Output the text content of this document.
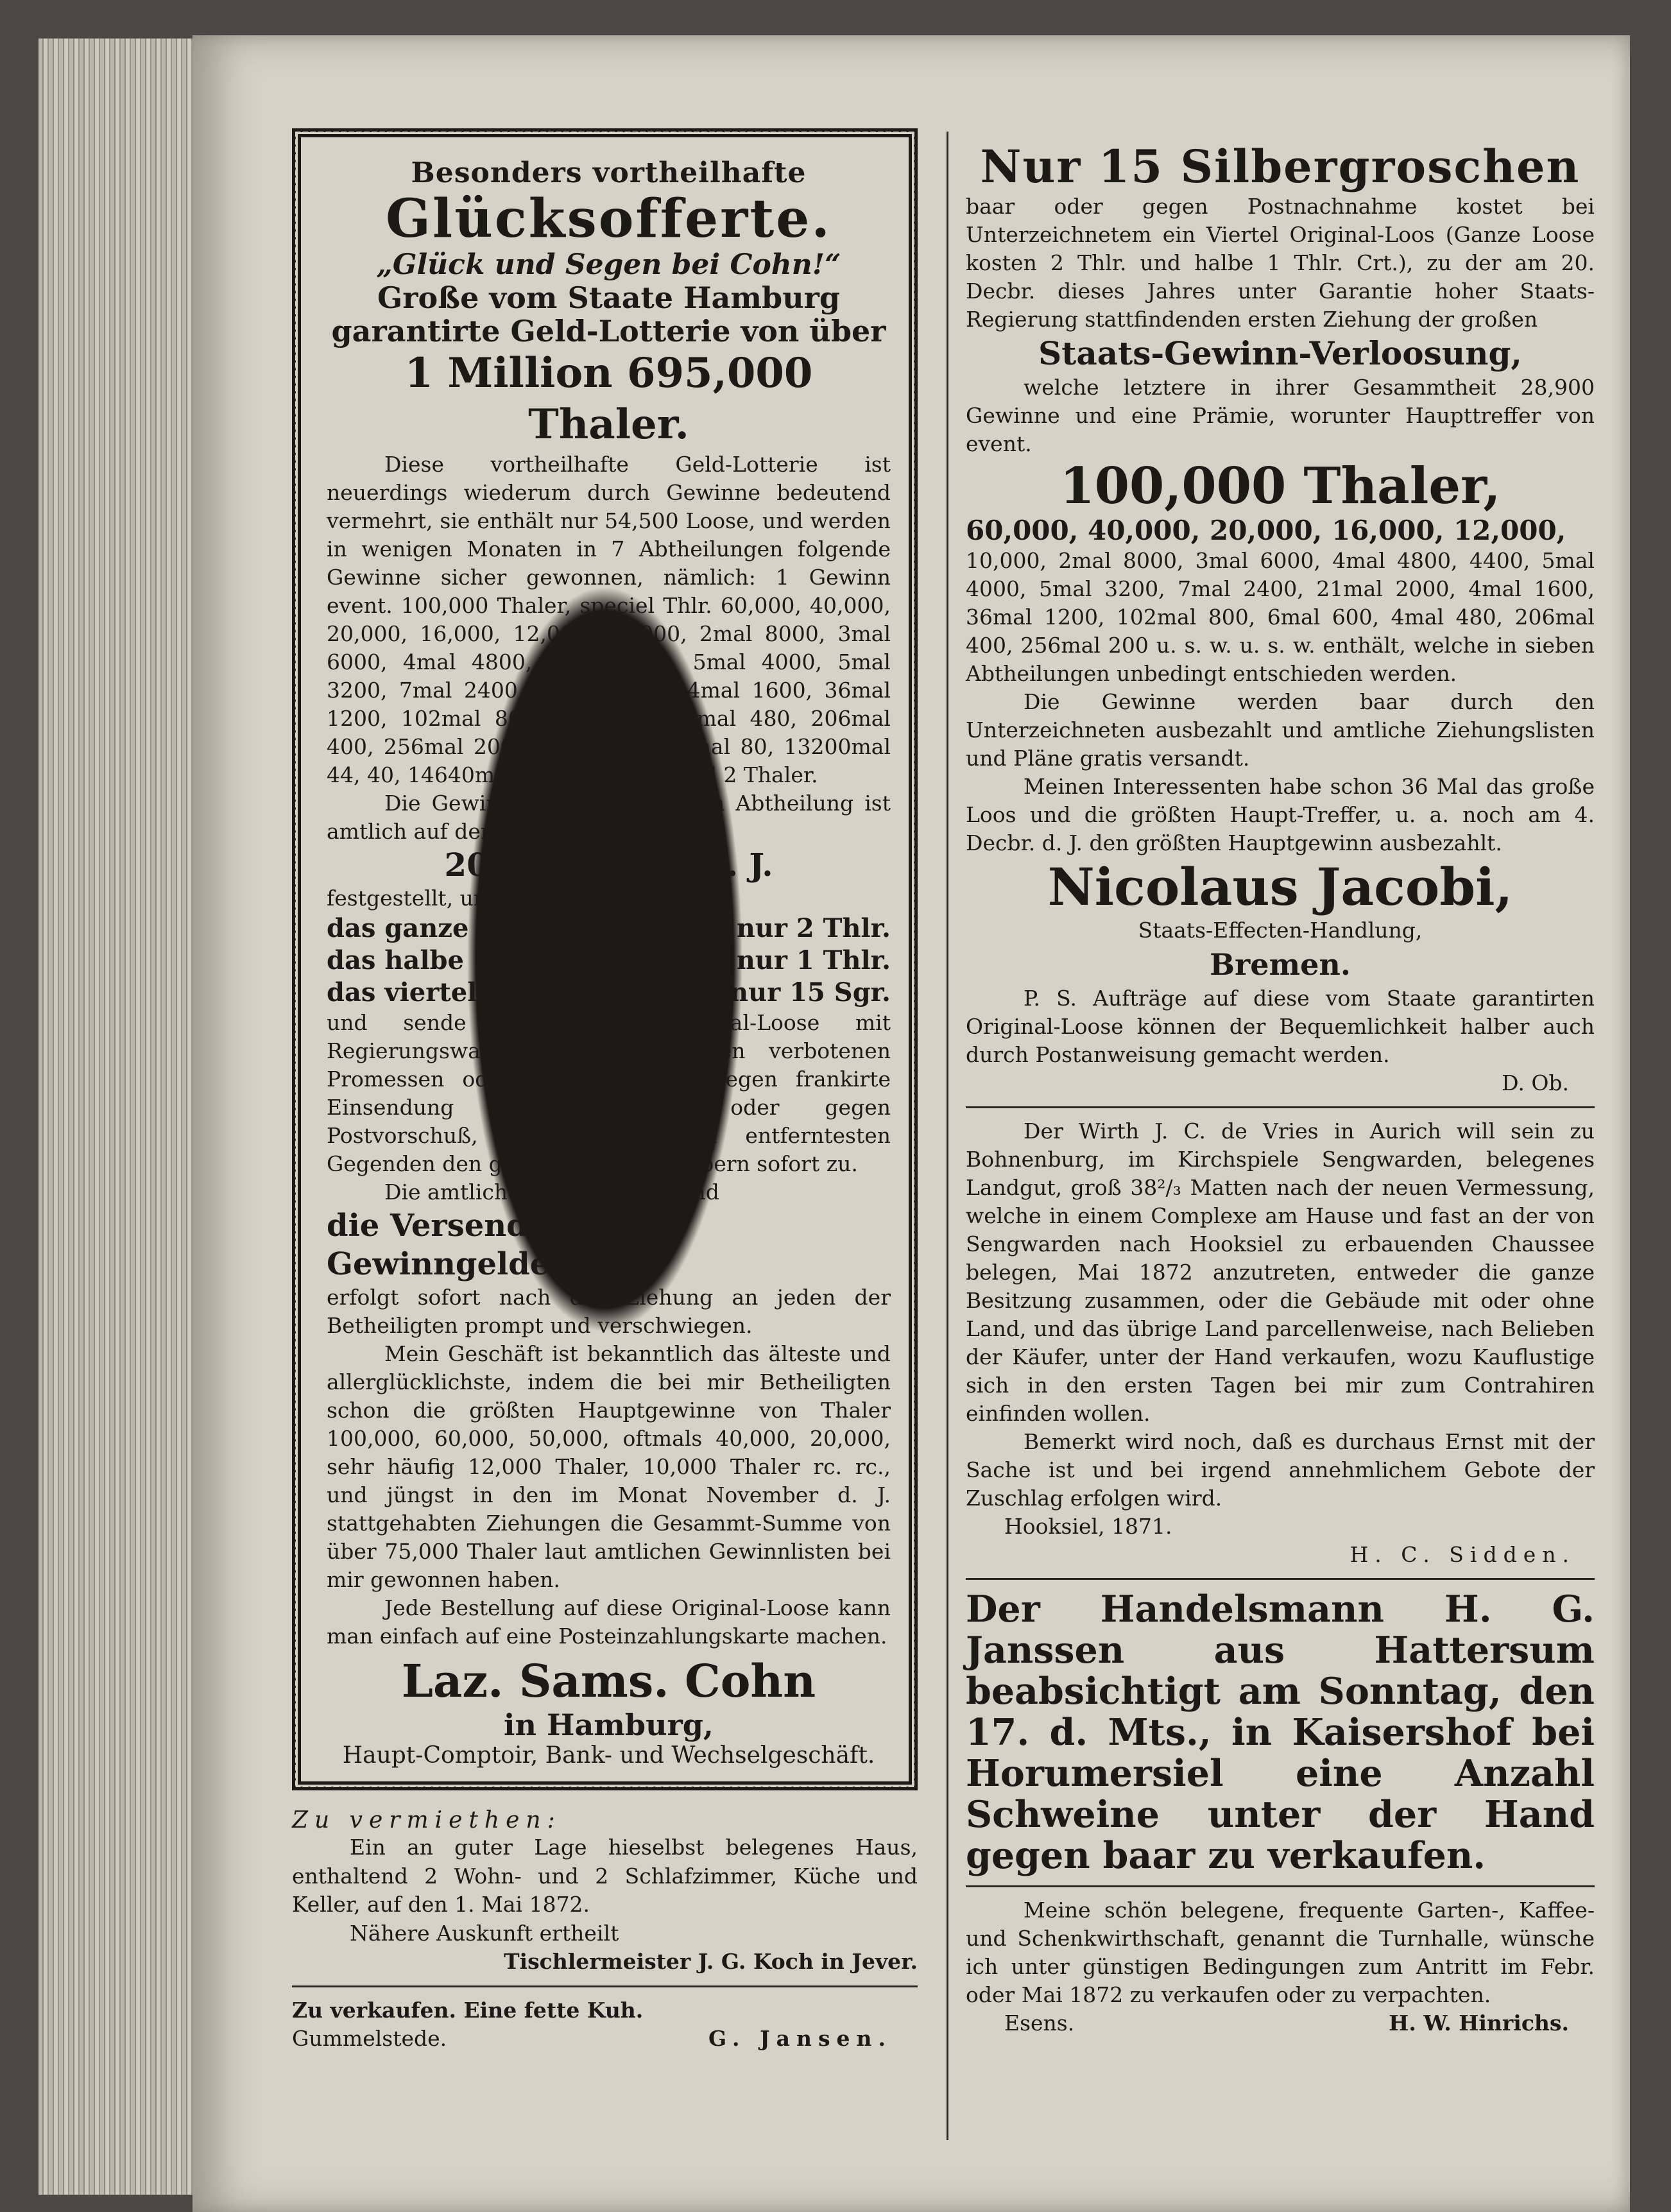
Besonders vortheilhafte

Glücksofferte.

„Glück und Segen bei Cohn!“

Große vom Staate Hamburg garantirte Geld-Lotterie von über

1 Million 695,000 Thaler.

Diese vortheilhafte Geld-Lotterie ist neuerdings wiederum durch Gewinne bedeutend vermehrt, sie enthält nur 54,500 Loose, und werden in wenigen Monaten in 7 Abtheilungen folgende Gewinne sicher gewonnen, nämlich: 1 Gewinn event. 100,000 Thaler, speciel Thlr. 60,000, 40,000, 20,000, 16,000, 12,000, 10,000, 2mal 8000, 3mal 6000, 4mal 4800, 1mal 4400, 5mal 4000, 5mal 3200, 7mal 2400, 21mal 2000, 4mal 1600, 36mal 1200, 102mal 800, 6mal 600, 4mal 480, 206mal 400, 256mal 200, 6mal 120, 375mal 80, 13200mal 44, 40, 14640mal 20, 12, 8, 6, 4 und 2 Thaler.

Die Gewinnziehung der ersten Abtheilung ist amtlich auf den

20. December d. J.

festgestellt, und kostet hierzu

das ganze Original-Loos nur 2 Thlr.
das halbe	do.	nur 1 Thlr.
das viertel	do.	nur 15 Sgr.

und sende ich diese Original-Loose mit Regierungswappen (nicht von den verbotenen Promessen oder Privatlotterien) gegen frankirte Einsendung des Betrages, oder gegen Postvorschuß, selbst nach den entferntesten Gegenden den geehrten Auftraggebern sofort zu.

Die amtliche Ziehungsliste und

die Versendung der Gewinngelder

erfolgt sofort nach der Ziehung an jeden der Betheiligten prompt und verschwiegen.

Mein Geschäft ist bekanntlich das älteste und allerglücklichste, indem die bei mir Betheiligten schon die größten Hauptgewinne von Thaler 100,000, 60,000, 50,000, oftmals 40,000, 20,000, sehr häufig 12,000 Thaler, 10,000 Thaler rc. rc., und jüngst in den im Monat November d. J. stattgehabten Ziehungen die Gesammt-Summe von über 75,000 Thaler laut amtlichen Gewinnlisten bei mir gewonnen haben.

Jede Bestellung auf diese Original-Loose kann man einfach auf eine Posteinzahlungskarte machen.

Laz. Sams. Cohn

in Hamburg,

Haupt-Comptoir, Bank- und Wechselgeschäft.

Zu vermiethen:

Ein an guter Lage hieselbst belegenes Haus, enthaltend 2 Wohn- und 2 Schlafzimmer, Küche und Keller, auf den 1. Mai 1872.

Nähere Auskunft ertheilt

Tischlermeister J. G. Koch in Jever.

Zu verkaufen. Eine fette Kuh.

Gummelstede.	G. Jansen.

Nur 15 Silbergroschen

baar oder gegen Postnachnahme kostet bei Unterzeichnetem ein Viertel Original-Loos (Ganze Loose kosten 2 Thlr. und halbe 1 Thlr. Crt.), zu der am 20. Decbr. dieses Jahres unter Garantie hoher Staats-Regierung stattfindenden ersten Ziehung der großen

Staats-Gewinn-Verloosung,

welche letztere in ihrer Gesammtheit 28,900 Gewinne und eine Prämie, worunter Haupttreffer von event.

100,000 Thaler,

60,000, 40,000, 20,000, 16,000, 12,000,

10,000, 2mal 8000, 3mal 6000, 4mal 4800, 4400, 5mal 4000, 5mal 3200, 7mal 2400, 21mal 2000, 4mal 1600, 36mal 1200, 102mal 800, 6mal 600, 4mal 480, 206mal 400, 256mal 200 u. s. w. u. s. w. enthält, welche in sieben Abtheilungen unbedingt entschieden werden.

Die Gewinne werden baar durch den Unterzeichneten ausbezahlt und amtliche Ziehungslisten und Pläne gratis versandt.

Meinen Interessenten habe schon 36 Mal das große Loos und die größten Haupt-Treffer, u. a. noch am 4. Decbr. d. J. den größten Hauptgewinn ausbezahlt.

Nicolaus Jacobi,

Staats-Effecten-Handlung,

Bremen.

P. S. Aufträge auf diese vom Staate garantirten Original-Loose können der Bequemlichkeit halber auch durch Postanweisung gemacht werden.

D. Ob.

Der Wirth J. C. de Vries in Aurich will sein zu Bohnenburg, im Kirchspiele Sengwarden, belegenes Landgut, groß 38²/₃ Matten nach der neuen Vermessung, welche in einem Complexe am Hause und fast an der von Sengwarden nach Hooksiel zu erbauenden Chaussee belegen, Mai 1872 anzutreten, entweder die ganze Besitzung zusammen, oder die Gebäude mit oder ohne Land, und das übrige Land parcellenweise, nach Belieben der Käufer, unter der Hand verkaufen, wozu Kauflustige sich in den ersten Tagen bei mir zum Contrahiren einfinden wollen.

Bemerkt wird noch, daß es durchaus Ernst mit der Sache ist und bei irgend annehmlichem Gebote der Zuschlag erfolgen wird.

Hooksiel, 1871.

H. C. Sidden.

Der Handelsmann H. G. Janssen aus Hattersum beabsichtigt am Sonntag, den 17. d. Mts., in Kaisershof bei Horumersiel eine Anzahl Schweine unter der Hand gegen baar zu verkaufen.

Meine schön belegene, frequente Garten-, Kaffee- und Schenkwirthschaft, genannt die Turnhalle, wünsche ich unter günstigen Bedingungen zum Antritt im Febr. oder Mai 1872 zu verkaufen oder zu verpachten.

Esens.	H. W. Hinrichs.
